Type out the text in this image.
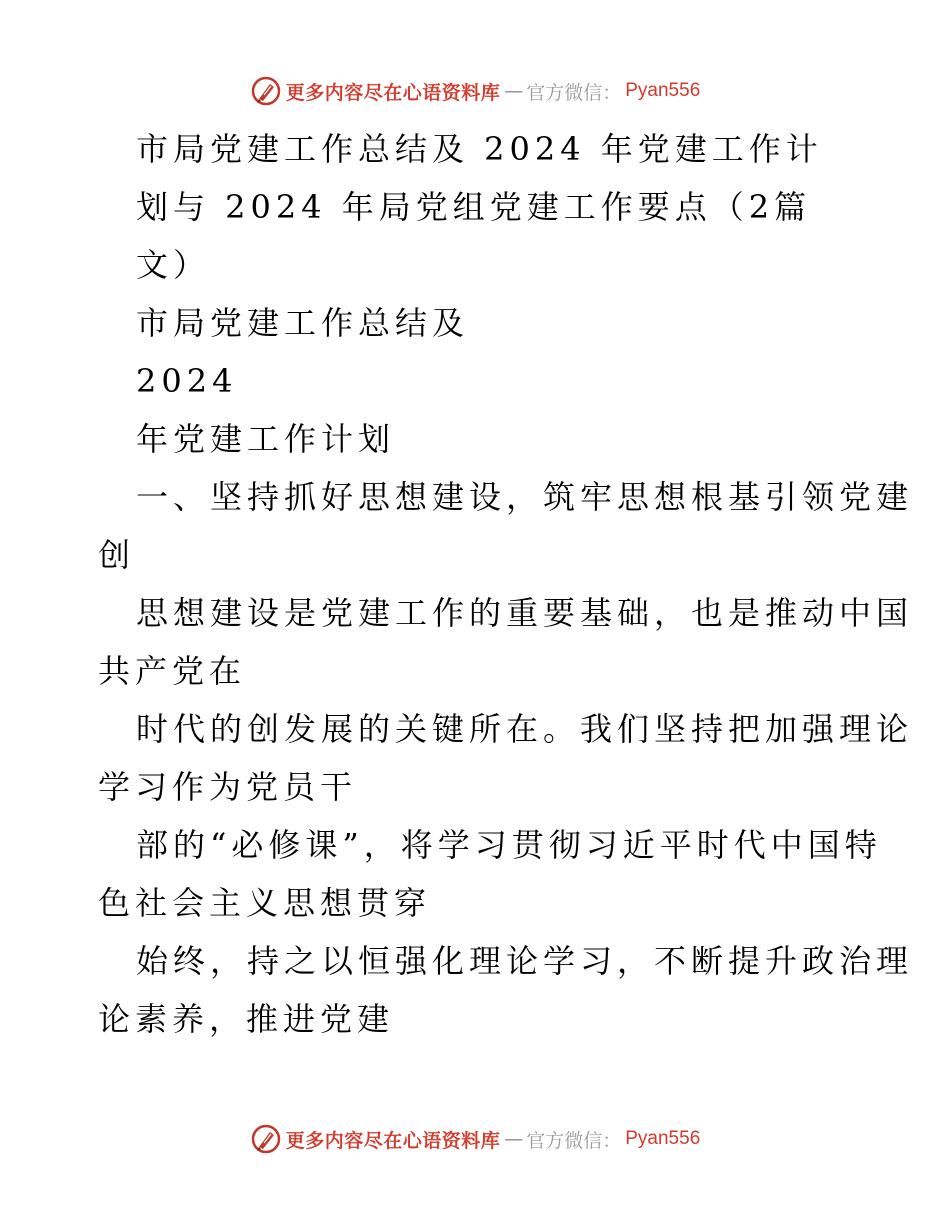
更多内容尽在心语资料库 — 官方微信： Pyan556
市局党建工作总结及 2024 年党建工作计
划与 2024 年局党组党建工作要点（2篇
文）
市局党建工作总结及
2024
年党建工作计划
一、坚持抓好思想建设，筑牢思想根基引领党建
创
思想建设是党建工作的重要基础，也是推动中国
共产党在
时代的创发展的关键所在。我们坚持把加强理论
学习作为党员干
部的“必修课”，将学习贯彻习近平时代中国特
色社会主义思想贯穿
始终，持之以恒强化理论学习，不断提升政治理
论素养，推进党建
更多内容尽在心语资料库 — 官方微信： Pyan556
